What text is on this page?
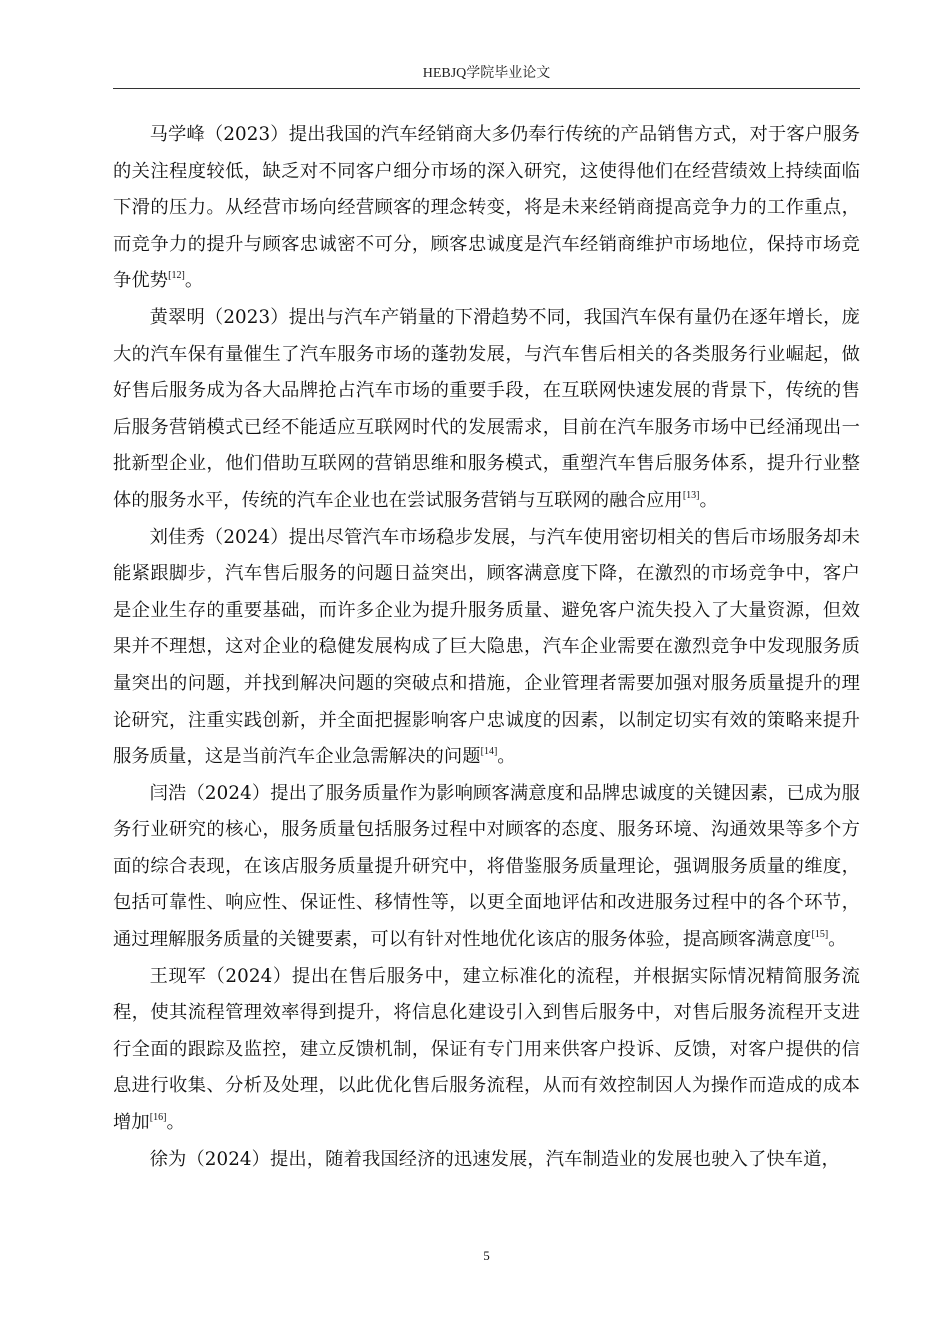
HEBJQ学院毕业论文

马学峰（2023）提出我国的汽车经销商大多仍奉行传统的产品销售方式，对于客户服务的关注程度较低，缺乏对不同客户细分市场的深入研究，这使得他们在经营绩效上持续面临下滑的压力。从经营市场向经营顾客的理念转变，将是未来经销商提高竞争力的工作重点，而竞争力的提升与顾客忠诚密不可分，顾客忠诚度是汽车经销商维护市场地位，保持市场竞争优势[12]。

黄翠明（2023）提出与汽车产销量的下滑趋势不同，我国汽车保有量仍在逐年增长，庞大的汽车保有量催生了汽车服务市场的蓬勃发展，与汽车售后相关的各类服务行业崛起，做好售后服务成为各大品牌抢占汽车市场的重要手段，在互联网快速发展的背景下，传统的售后服务营销模式已经不能适应互联网时代的发展需求，目前在汽车服务市场中已经涌现出一批新型企业，他们借助互联网的营销思维和服务模式，重塑汽车售后服务体系，提升行业整体的服务水平，传统的汽车企业也在尝试服务营销与互联网的融合应用[13]。

刘佳秀（2024）提出尽管汽车市场稳步发展，与汽车使用密切相关的售后市场服务却未能紧跟脚步，汽车售后服务的问题日益突出，顾客满意度下降，在激烈的市场竞争中，客户是企业生存的重要基础，而许多企业为提升服务质量、避免客户流失投入了大量资源，但效果并不理想，这对企业的稳健发展构成了巨大隐患，汽车企业需要在激烈竞争中发现服务质量突出的问题，并找到解决问题的突破点和措施，企业管理者需要加强对服务质量提升的理论研究，注重实践创新，并全面把握影响客户忠诚度的因素，以制定切实有效的策略来提升服务质量，这是当前汽车企业急需解决的问题[14]。

闫浩（2024）提出了服务质量作为影响顾客满意度和品牌忠诚度的关键因素，已成为服务行业研究的核心，服务质量包括服务过程中对顾客的态度、服务环境、沟通效果等多个方面的综合表现，在该店服务质量提升研究中，将借鉴服务质量理论，强调服务质量的维度，包括可靠性、响应性、保证性、移情性等，以更全面地评估和改进服务过程中的各个环节，通过理解服务质量的关键要素，可以有针对性地优化该店的服务体验，提高顾客满意度[15]。

王现军（2024）提出在售后服务中，建立标准化的流程，并根据实际情况精简服务流程，使其流程管理效率得到提升，将信息化建设引入到售后服务中，对售后服务流程开支进行全面的跟踪及监控，建立反馈机制，保证有专门用来供客户投诉、反馈，对客户提供的信息进行收集、分析及处理，以此优化售后服务流程，从而有效控制因人为操作而造成的成本增加[16]。

徐为（2024）提出，随着我国经济的迅速发展，汽车制造业的发展也驶入了快车道，

5
